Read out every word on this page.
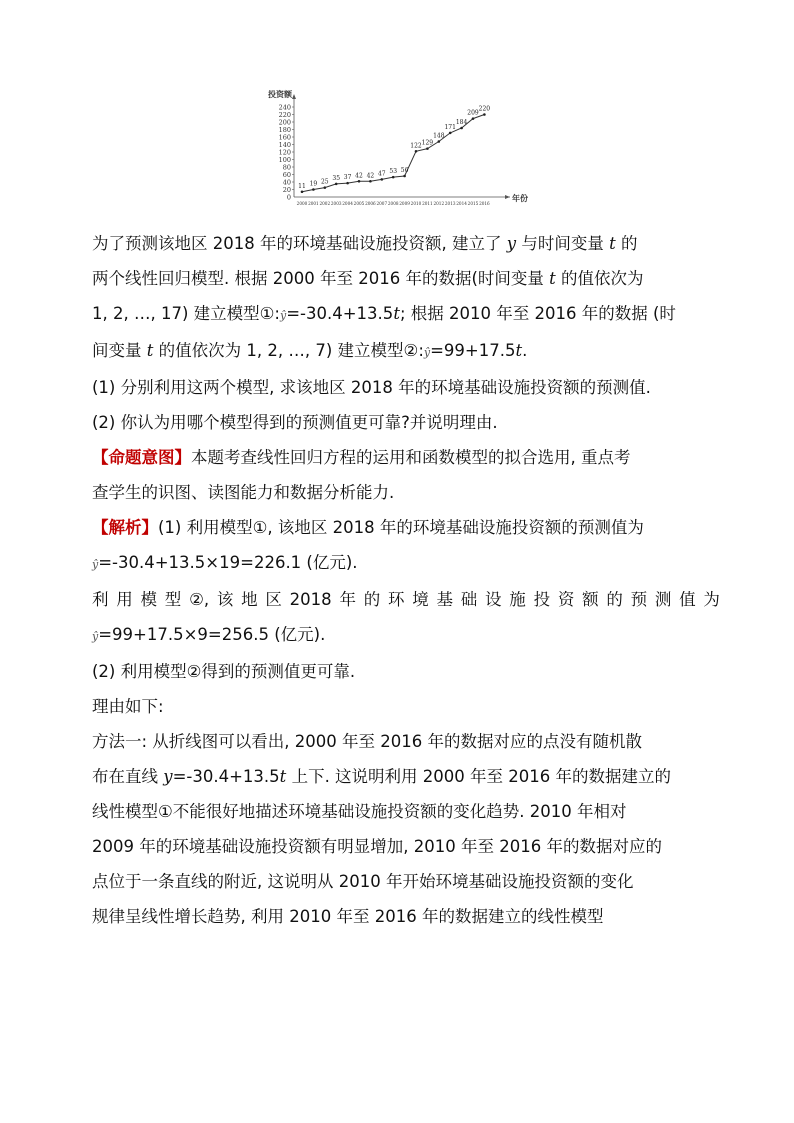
投资额
年份
20
40
60
80
100
120
140
160
180
200
220
240
0
2000 2001 2002 2003 2004 2005 2006 2007 2008 2009 2010 2011 2012 2013 2014 2015 2016
11 19 25
35 37 42 42 47 53 56
122 129
148
171
184
209
220
为了预测该地区 2018 年的环境基础设施投资额, 建立了 y 与时间变量 t 的
两个线性回归模型. 根据 2000 年至 2016 年的数据(时间变量 t 的值依次为
1, 2, …, 17) 建立模型①:ŷ=-30.4+13.5t; 根据 2010 年至 2016 年的数据 (时
间变量 t 的值依次为 1, 2, …, 7) 建立模型②:ŷ=99+17.5t.
(1) 分别利用这两个模型, 求该地区 2018 年的环境基础设施投资额的预测值.
(2) 你认为用哪个模型得到的预测值更可靠?并说明理由.
【命题意图】本题考查线性回归方程的运用和函数模型的拟合选用, 重点考
查学生的识图、读图能力和数据分析能力.
【解析】(1) 利用模型①, 该地区 2018 年的环境基础设施投资额的预测值为
ŷ=-30.4+13.5×19=226.1 (亿元).
利 用 模 型 ②, 该 地 区 2018 年 的 环 境 基 础 设 施 投 资 额 的 预 测 值 为
ŷ=99+17.5×9=256.5 (亿元).
(2) 利用模型②得到的预测值更可靠.
理由如下:
方法一: 从折线图可以看出, 2000 年至 2016 年的数据对应的点没有随机散
布在直线 y=-30.4+13.5t 上下. 这说明利用 2000 年至 2016 年的数据建立的
线性模型①不能很好地描述环境基础设施投资额的变化趋势. 2010 年相对
2009 年的环境基础设施投资额有明显增加, 2010 年至 2016 年的数据对应的
点位于一条直线的附近, 这说明从 2010 年开始环境基础设施投资额的变化
规律呈线性增长趋势, 利用 2010 年至 2016 年的数据建立的线性模型
